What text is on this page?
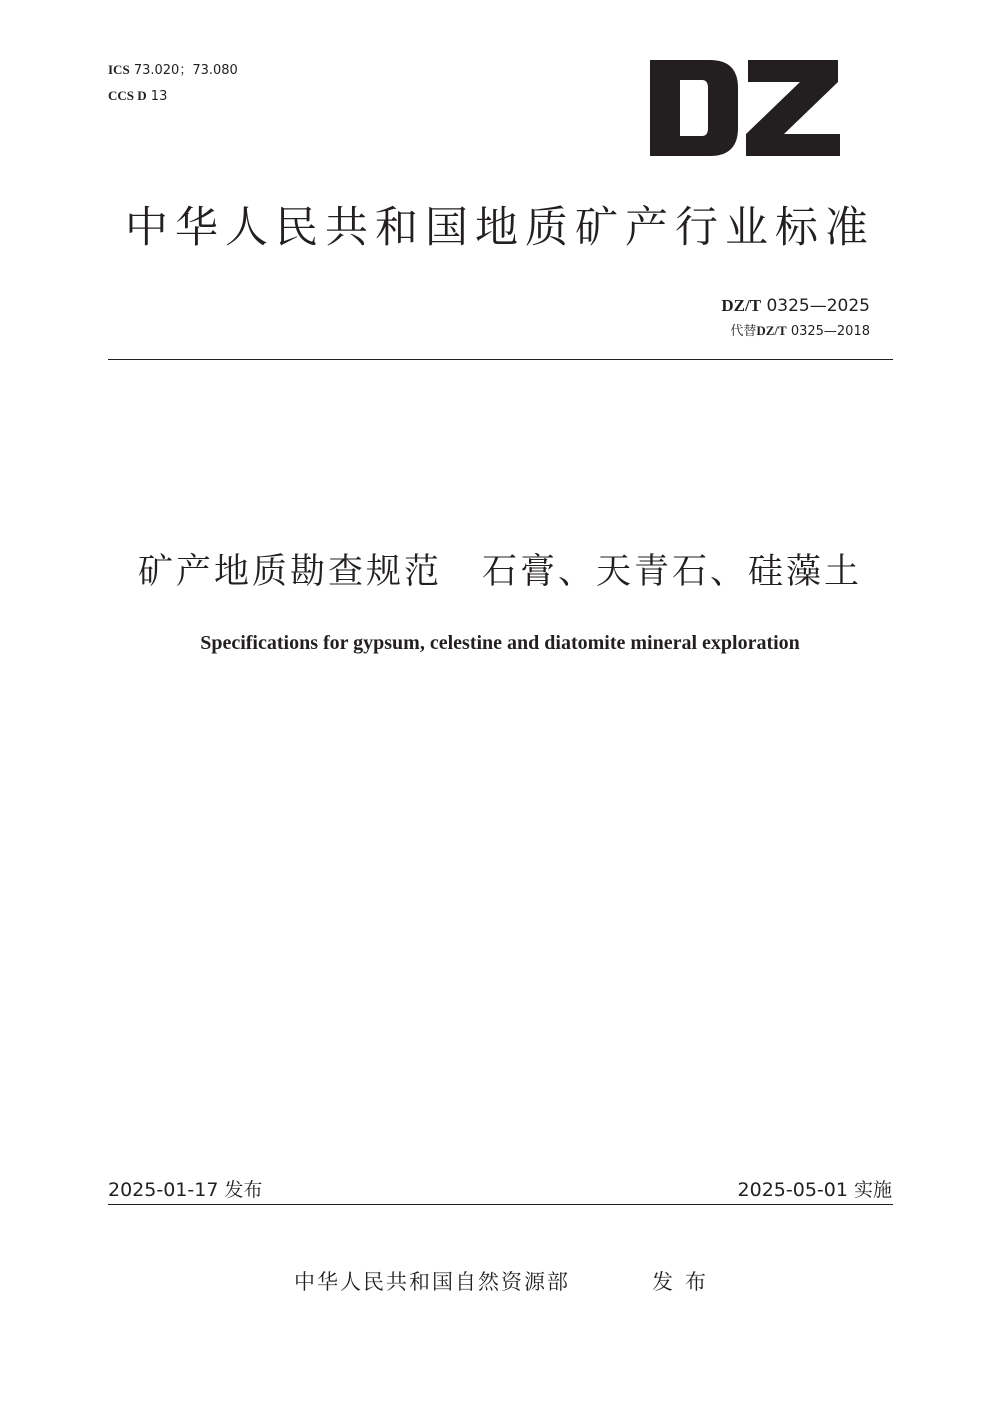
ICS 73.020；73.080
CCS D 13
中华人民共和国地质矿产行业标准
DZ/T 0325—2025
代替DZ/T 0325—2018
矿产地质勘查规范 石膏、天青石、硅藻土
Specifications for gypsum, celestine and diatomite mineral exploration
2025-01-17 发布	2025-05-01 实施
中华人民共和国自然资源部	发布
